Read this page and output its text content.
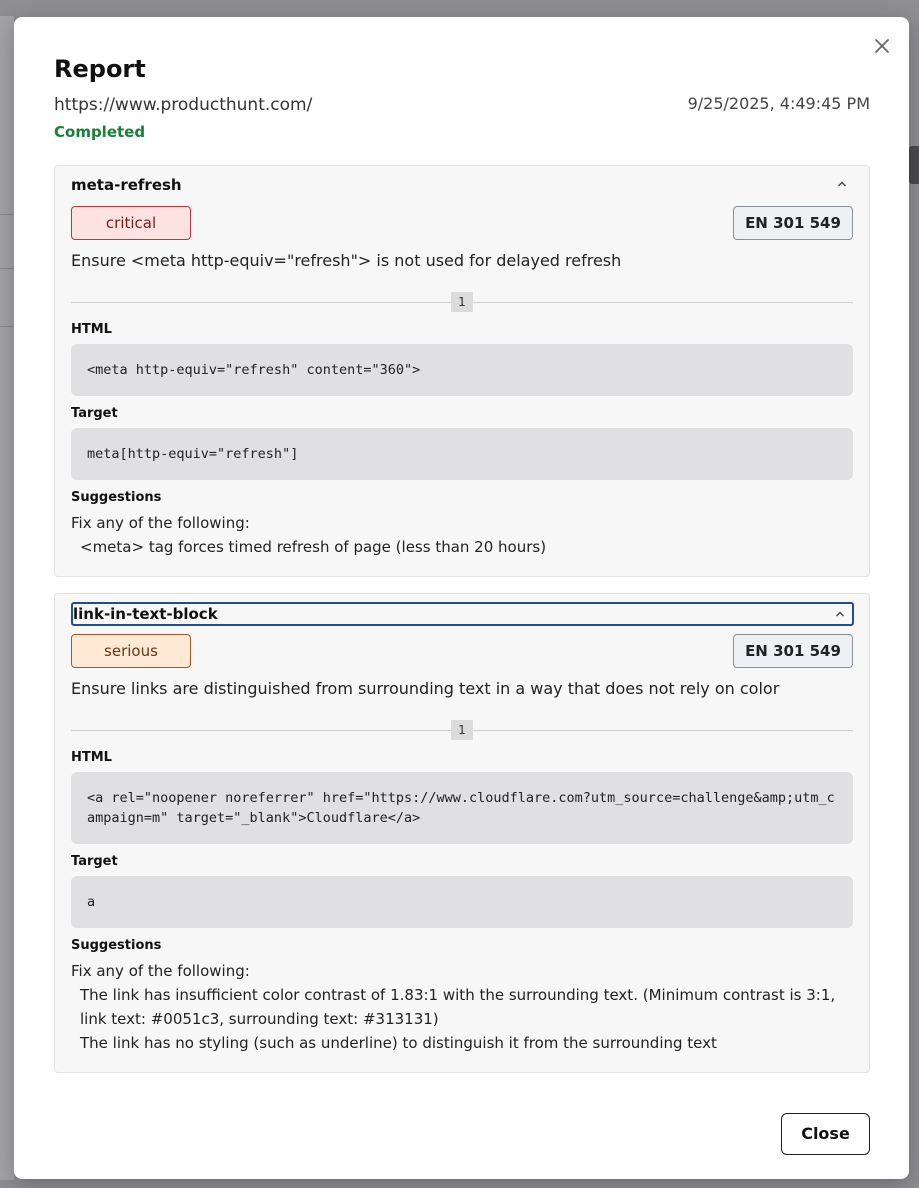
Report
https://www.producthunt.com/	9/25/2025, 4:49:45 PM
Completed
meta-refresh
critical	EN 301 549
Ensure <meta http-equiv="refresh"> is not used for delayed refresh
1
HTML
<meta http-equiv="refresh" content="360">
Target
meta[http-equiv="refresh"]
Suggestions
Fix any of the following:
<meta> tag forces timed refresh of page (less than 20 hours)
link-in-text-block
serious	EN 301 549
Ensure links are distinguished from surrounding text in a way that does not rely on color
1
HTML
<a rel="noopener noreferrer" href="https://www.cloudflare.com?utm_source=challenge&amp;utm_campaign=m" target="_blank">Cloudflare</a>
Target
a
Suggestions
Fix any of the following:
The link has insufficient color contrast of 1.83:1 with the surrounding text. (Minimum contrast is 3:1, link text: #0051c3, surrounding text: #313131)
The link has no styling (such as underline) to distinguish it from the surrounding text
Close
